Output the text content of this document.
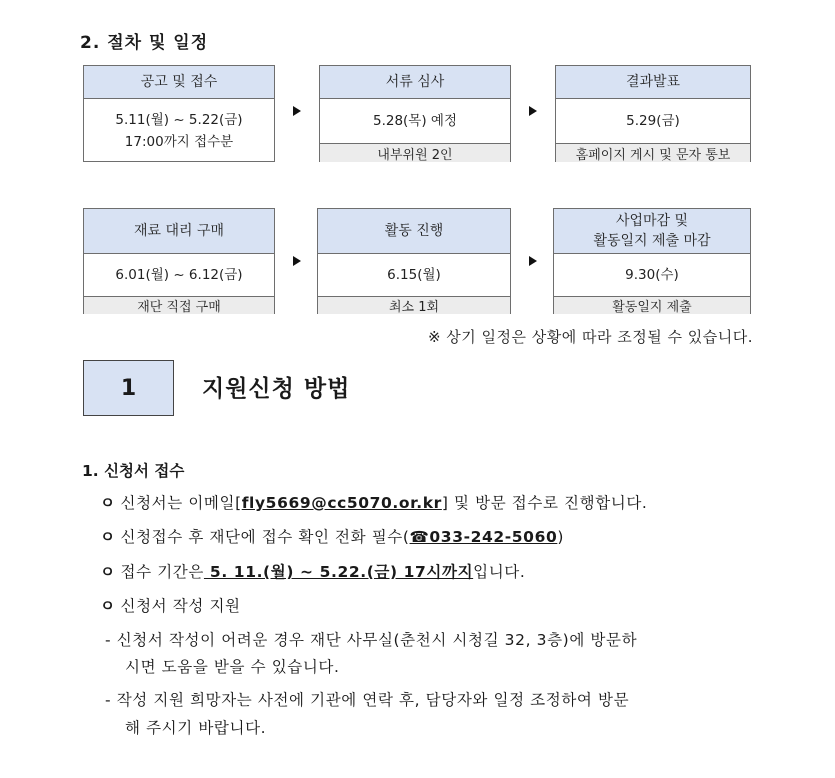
2. 절차 및 일정
공고 및 접수
5.11(월) ~ 5.22(금)
17:00까지 접수분
서류 심사
5.28(목) 예정
내부위원 2인
결과발표
5.29(금)
홈페이지 게시 및 문자 통보
재료 대리 구매
6.01(월) ~ 6.12(금)
재단 직접 구매
활동 진행
6.15(월)
최소 1회
사업마감 및
활동일지 제출 마감
9.30(수)
활동일지 제출
※ 상기 일정은 상황에 따라 조정될 수 있습니다.
1	지원신청 방법
1. 신청서 접수
ㅇ 신청서는 이메일[fly5669@cc5070.or.kr] 및 방문 접수로 진행합니다.
ㅇ 신청접수 후 재단에 접수 확인 전화 필수(☎033-242-5060)
ㅇ 접수 기간은 5. 11.(월) ~ 5.22.(금) 17시까지입니다.
ㅇ 신청서 작성 지원
- 신청서 작성이 어려운 경우 재단 사무실(춘천시 시청길 32, 3층)에 방문하
시면 도움을 받을 수 있습니다.
- 작성 지원 희망자는 사전에 기관에 연락 후, 담당자와 일정 조정하여 방문
해 주시기 바랍니다.
